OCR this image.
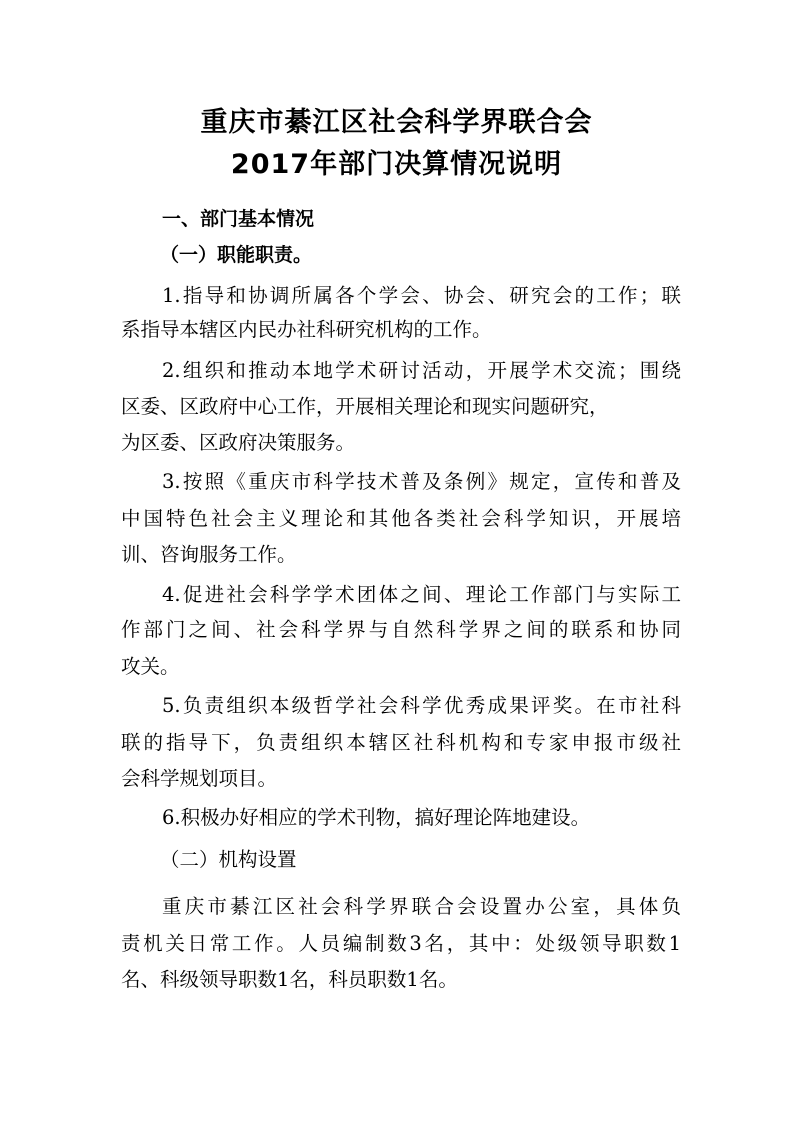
重庆市綦江区社会科学界联合会
2017年部门决算情况说明
一、部门基本情况
（一）职能职责。
1.指导和协调所属各个学会、协会、研究会的工作；联
系指导本辖区内民办社科研究机构的工作。
2.组织和推动本地学术研讨活动，开展学术交流；围绕
区委、区政府中心工作，开展相关理论和现实问题研究，
为区委、区政府决策服务。
3.按照《重庆市科学技术普及条例》规定，宣传和普及
中国特色社会主义理论和其他各类社会科学知识，开展培
训、咨询服务工作。
4.促进社会科学学术团体之间、理论工作部门与实际工
作部门之间、社会科学界与自然科学界之间的联系和协同
攻关。
5.负责组织本级哲学社会科学优秀成果评奖。在市社科
联的指导下，负责组织本辖区社科机构和专家申报市级社
会科学规划项目。
6.积极办好相应的学术刊物，搞好理论阵地建设。
（二）机构设置
重庆市綦江区社会科学界联合会设置办公室，具体负
责机关日常工作。人员编制数3名，其中：处级领导职数1
名、科级领导职数1名，科员职数1名。
